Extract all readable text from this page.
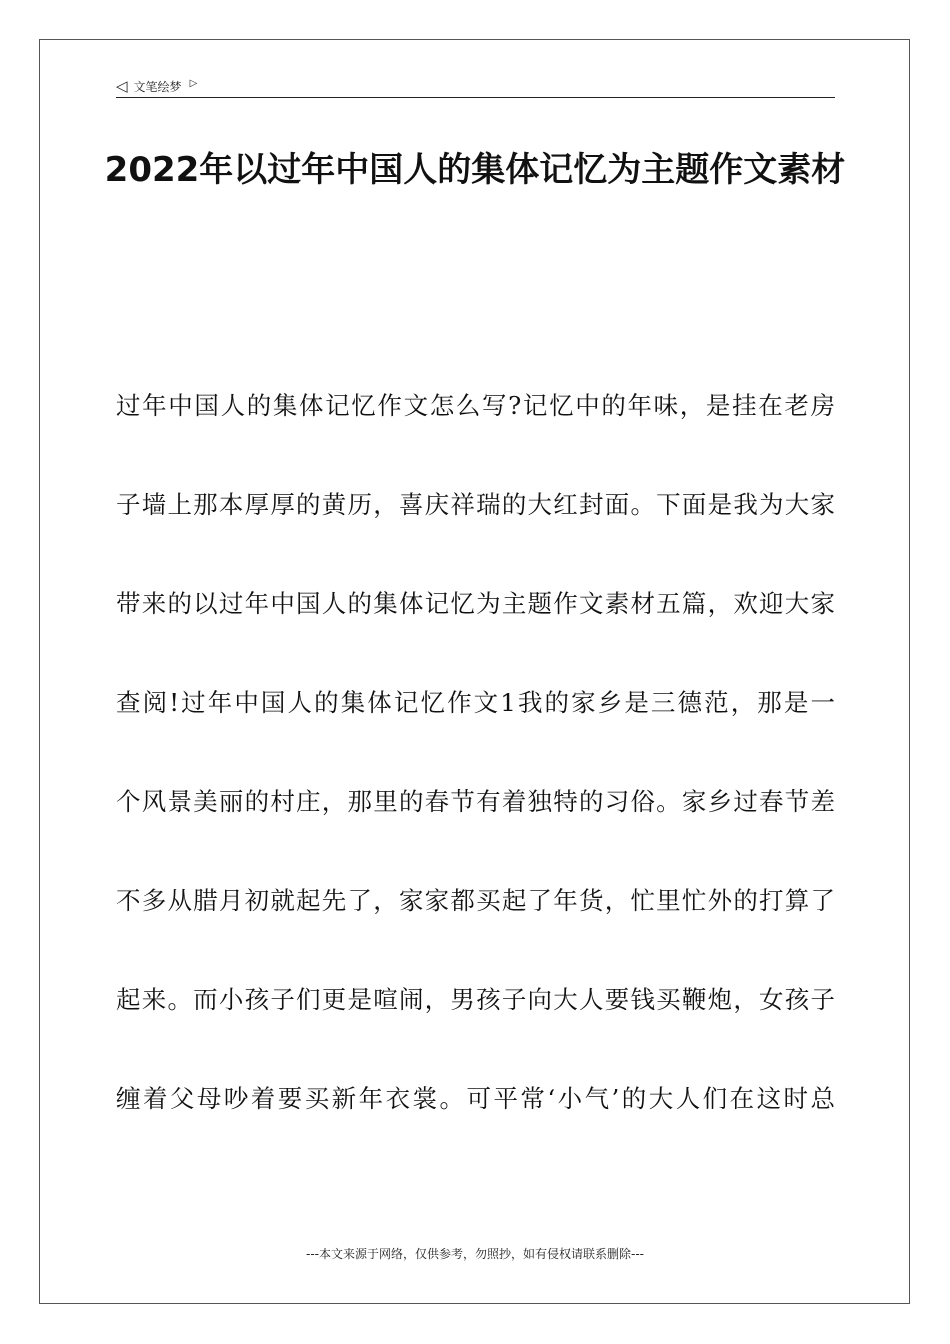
◁ 文笔绘梦 ▷
2022年以过年中国人的集体记忆为主题作文素材
过年中国人的集体记忆作文怎么写?记忆中的年味，是挂在老房
子墙上那本厚厚的黄历，喜庆祥瑞的大红封面。下面是我为大家
带来的以过年中国人的集体记忆为主题作文素材五篇，欢迎大家
查阅!过年中国人的集体记忆作文1我的家乡是三德范，那是一
个风景美丽的村庄，那里的春节有着独特的习俗。家乡过春节差
不多从腊月初就起先了，家家都买起了年货，忙里忙外的打算了
起来。而小孩子们更是喧闹，男孩子向大人要钱买鞭炮，女孩子
缠着父母吵着要买新年衣裳。可平常‘小气’的大人们在这时总
---本文来源于网络，仅供参考，勿照抄，如有侵权请联系删除---
